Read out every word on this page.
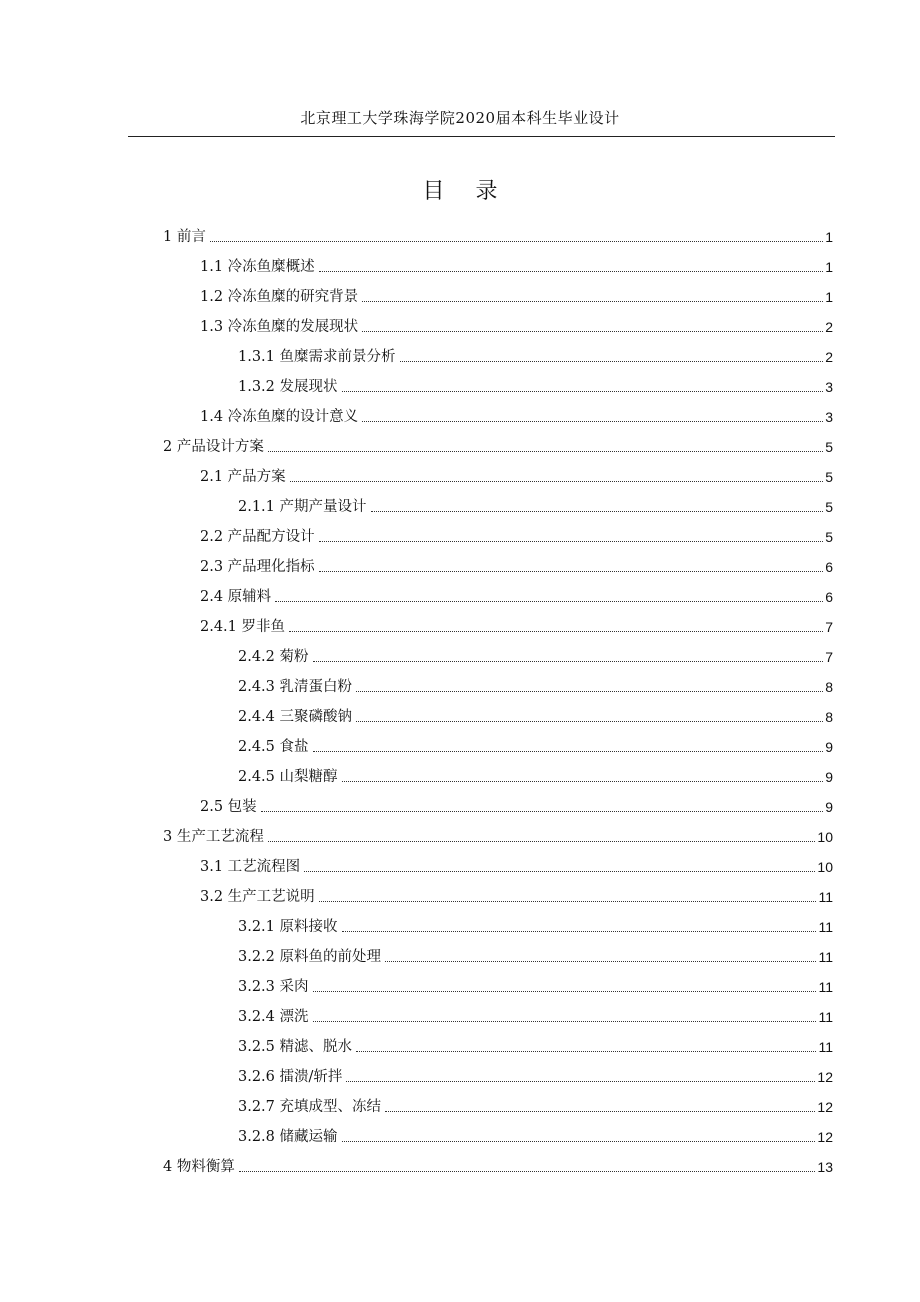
北京理工大学珠海学院2020届本科生毕业设计
目 录
1 前言	1
1.1 冷冻鱼糜概述	1
1.2 冷冻鱼糜的研究背景	1
1.3 冷冻鱼糜的发展现状	2
1.3.1 鱼糜需求前景分析	2
1.3.2 发展现状	3
1.4 冷冻鱼糜的设计意义	3
2 产品设计方案	5
2.1 产品方案	5
2.1.1 产期产量设计	5
2.2 产品配方设计	5
2.3 产品理化指标	6
2.4 原辅料	6
2.4.1 罗非鱼	7
2.4.2 菊粉	7
2.4.3 乳清蛋白粉	8
2.4.4 三聚磷酸钠	8
2.4.5 食盐	9
2.4.5 山梨糖醇	9
2.5 包装	9
3 生产工艺流程	10
3.1 工艺流程图	10
3.2 生产工艺说明	11
3.2.1 原料接收	11
3.2.2 原料鱼的前处理	11
3.2.3 采肉	11
3.2.4 漂洗	11
3.2.5 精滤、脱水	11
3.2.6 擂溃/斩拌	12
3.2.7 充填成型、冻结	12
3.2.8 储藏运输	12
4 物料衡算	13
